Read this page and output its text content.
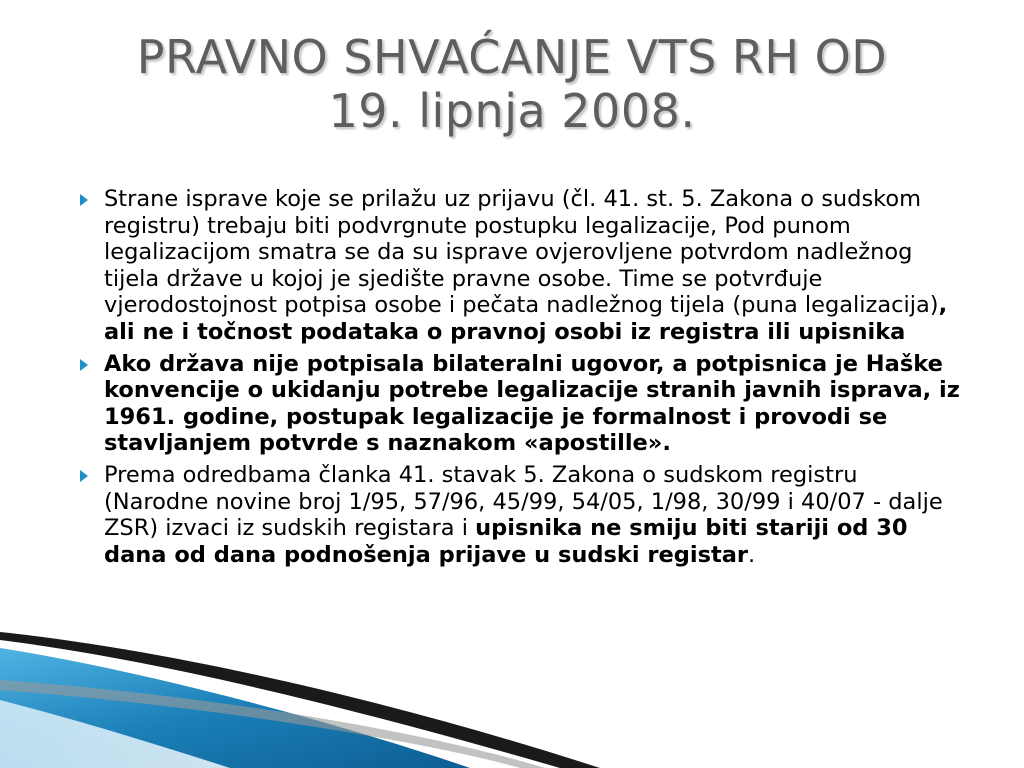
PRAVNO SHVAĆANJE VTS RH OD
19. lipnja 2008.
Strane isprave koje se prilažu uz prijavu (čl. 41. st. 5. Zakona o sudskom registru) trebaju biti podvrgnute postupku legalizacije, Pod punom legalizacijom smatra se da su isprave ovjerovljene potvrdom nadležnog tijela države u kojoj je sjedište pravne osobe. Time se potvrđuje vjerodostojnost potpisa osobe i pečata nadležnog tijela (puna legalizacija), ali ne i točnost podataka o pravnoj osobi iz registra ili upisnika
Ako država nije potpisala bilateralni ugovor, a potpisnica je Haške konvencije o ukidanju potrebe legalizacije stranih javnih isprava, iz 1961. godine, postupak legalizacije je formalnost i provodi se stavljanjem potvrde s naznakom «apostille».
Prema odredbama članka 41. stavak 5. Zakona o sudskom registru (Narodne novine broj 1/95, 57/96, 45/99, 54/05, 1/98, 30/99 i 40/07 - dalje ZSR) izvaci iz sudskih registara i upisnika ne smiju biti stariji od 30 dana od dana podnošenja prijave u sudski registar.
